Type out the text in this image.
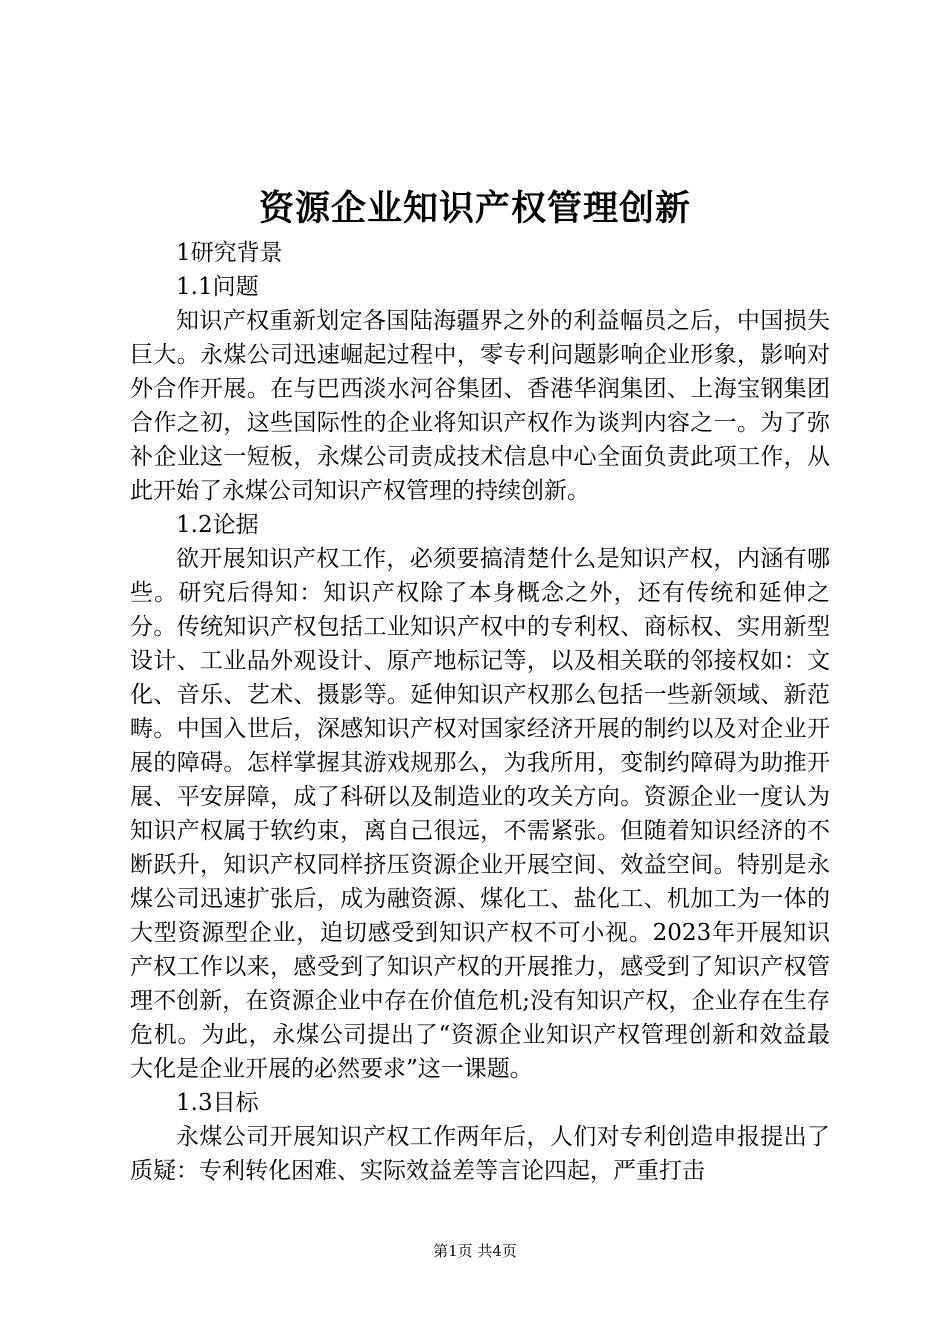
资源企业知识产权管理创新

1研究背景

1.1问题

知识产权重新划定各国陆海疆界之外的利益幅员之后，中国损失巨大。永煤公司迅速崛起过程中，零专利问题影响企业形象，影响对外合作开展。在与巴西淡水河谷集团、香港华润集团、上海宝钢集团合作之初，这些国际性的企业将知识产权作为谈判内容之一。为了弥补企业这一短板，永煤公司责成技术信息中心全面负责此项工作，从此开始了永煤公司知识产权管理的持续创新。

1.2论据

欲开展知识产权工作，必须要搞清楚什么是知识产权，内涵有哪些。研究后得知：知识产权除了本身概念之外，还有传统和延伸之分。传统知识产权包括工业知识产权中的专利权、商标权、实用新型设计、工业品外观设计、原产地标记等，以及相关联的邻接权如：文化、音乐、艺术、摄影等。延伸知识产权那么包括一些新领域、新范畴。中国入世后，深感知识产权对国家经济开展的制约以及对企业开展的障碍。怎样掌握其游戏规那么，为我所用，变制约障碍为助推开展、平安屏障，成了科研以及制造业的攻关方向。资源企业一度认为知识产权属于软约束，离自己很远，不需紧张。但随着知识经济的不断跃升，知识产权同样挤压资源企业开展空间、效益空间。特别是永煤公司迅速扩张后，成为融资源、煤化工、盐化工、机加工为一体的大型资源型企业，迫切感受到知识产权不可小视。2023年开展知识产权工作以来，感受到了知识产权的开展推力，感受到了知识产权管理不创新，在资源企业中存在价值危机;没有知识产权，企业存在生存危机。为此，永煤公司提出了“资源企业知识产权管理创新和效益最大化是企业开展的必然要求”这一课题。

1.3目标

永煤公司开展知识产权工作两年后，人们对专利创造申报提出了质疑：专利转化困难、实际效益差等言论四起，严重打击

第1页 共4页
